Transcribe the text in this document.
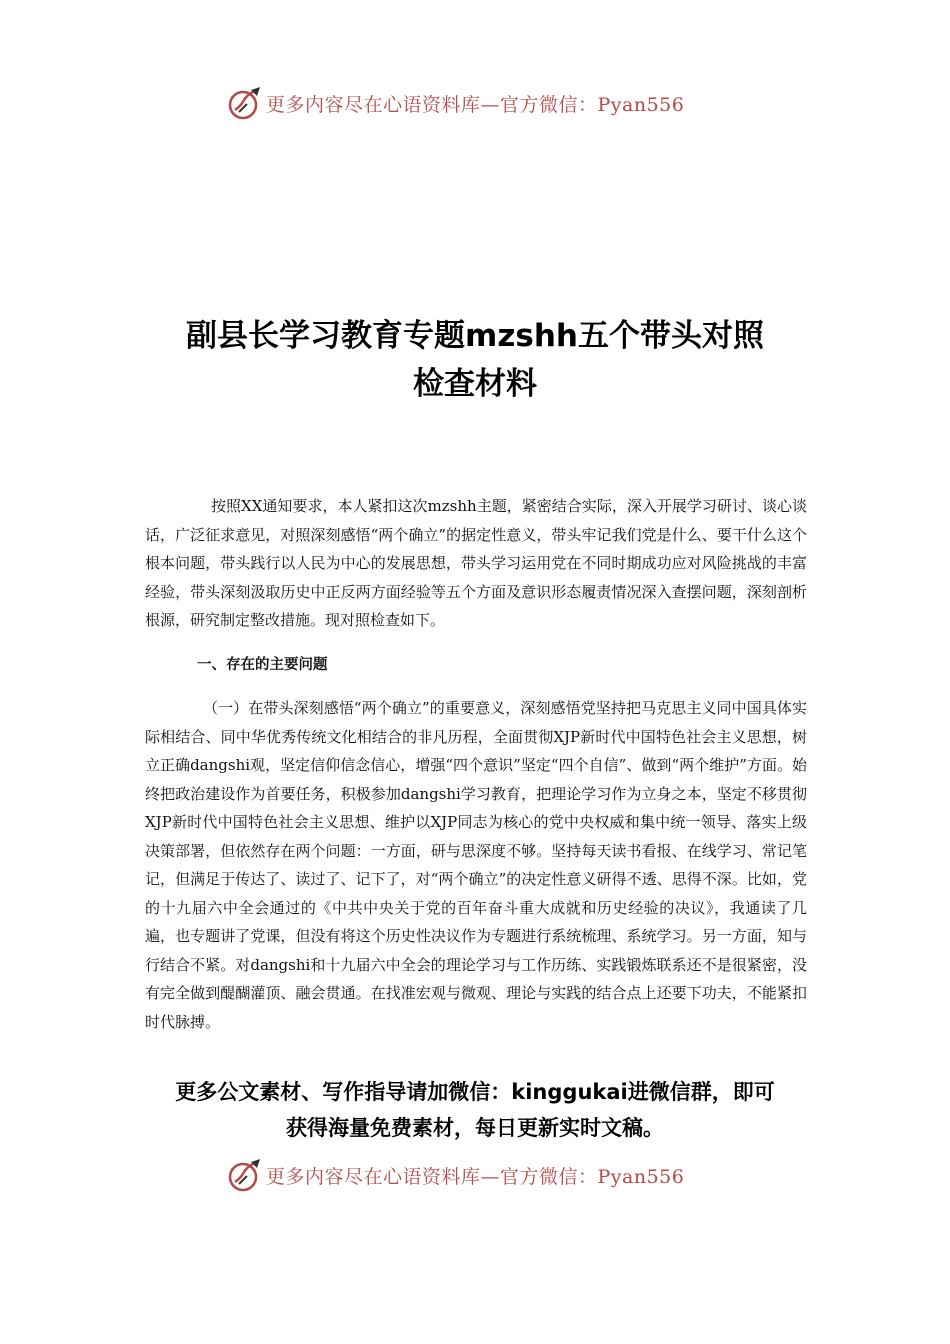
更多内容尽在心语资料库—官方微信：Pyan556
副县长学习教育专题mzshh五个带头对照
检查材料

按照XX通知要求，本人紧扣这次mzshh主题，紧密结合实际，深入开展学习研讨、谈心谈话，广泛征求意见，对照深刻感悟“两个确立”的据定性意义，带头牢记我们党是什么、要干什么这个根本问题，带头践行以人民为中心的发展思想，带头学习运用党在不同时期成功应对风险挑战的丰富经验，带头深刻汲取历史中正反两方面经验等五个方面及意识形态履责情况深入查摆问题，深刻剖析根源，研究制定整改措施。现对照检查如下。

一、存在的主要问题

（一）在带头深刻感悟“两个确立”的重要意义，深刻感悟党坚持把马克思主义同中国具体实际相结合、同中华优秀传统文化相结合的非凡历程，全面贯彻XJP新时代中国特色社会主义思想，树立正确dangshi观，坚定信仰信念信心，增强“四个意识”坚定“四个自信”、做到“两个维护”方面。始终把政治建设作为首要任务，积极参加dangshi学习教育，把理论学习作为立身之本，坚定不移贯彻XJP新时代中国特色社会主义思想、维护以XJP同志为核心的党中央权威和集中统一领导、落实上级决策部署，但依然存在两个问题：一方面，研与思深度不够。坚持每天读书看报、在线学习、常记笔记，但满足于传达了、读过了、记下了，对“两个确立”的决定性意义研得不透、思得不深。比如，党的十九届六中全会通过的《中共中央关于党的百年奋斗重大成就和历史经验的决议》，我通读了几遍，也专题讲了党课，但没有将这个历史性决议作为专题进行系统梳理、系统学习。另一方面，知与行结合不紧。对dangshi和十九届六中全会的理论学习与工作历练、实践锻炼联系还不是很紧密，没有完全做到醍醐灌顶、融会贯通。在找准宏观与微观、理论与实践的结合点上还要下功夫，不能紧扣时代脉搏。

更多公文素材、写作指导请加微信：kinggukai进微信群，即可
获得海量免费素材，每日更新实时文稿。
更多内容尽在心语资料库—官方微信：Pyan556
